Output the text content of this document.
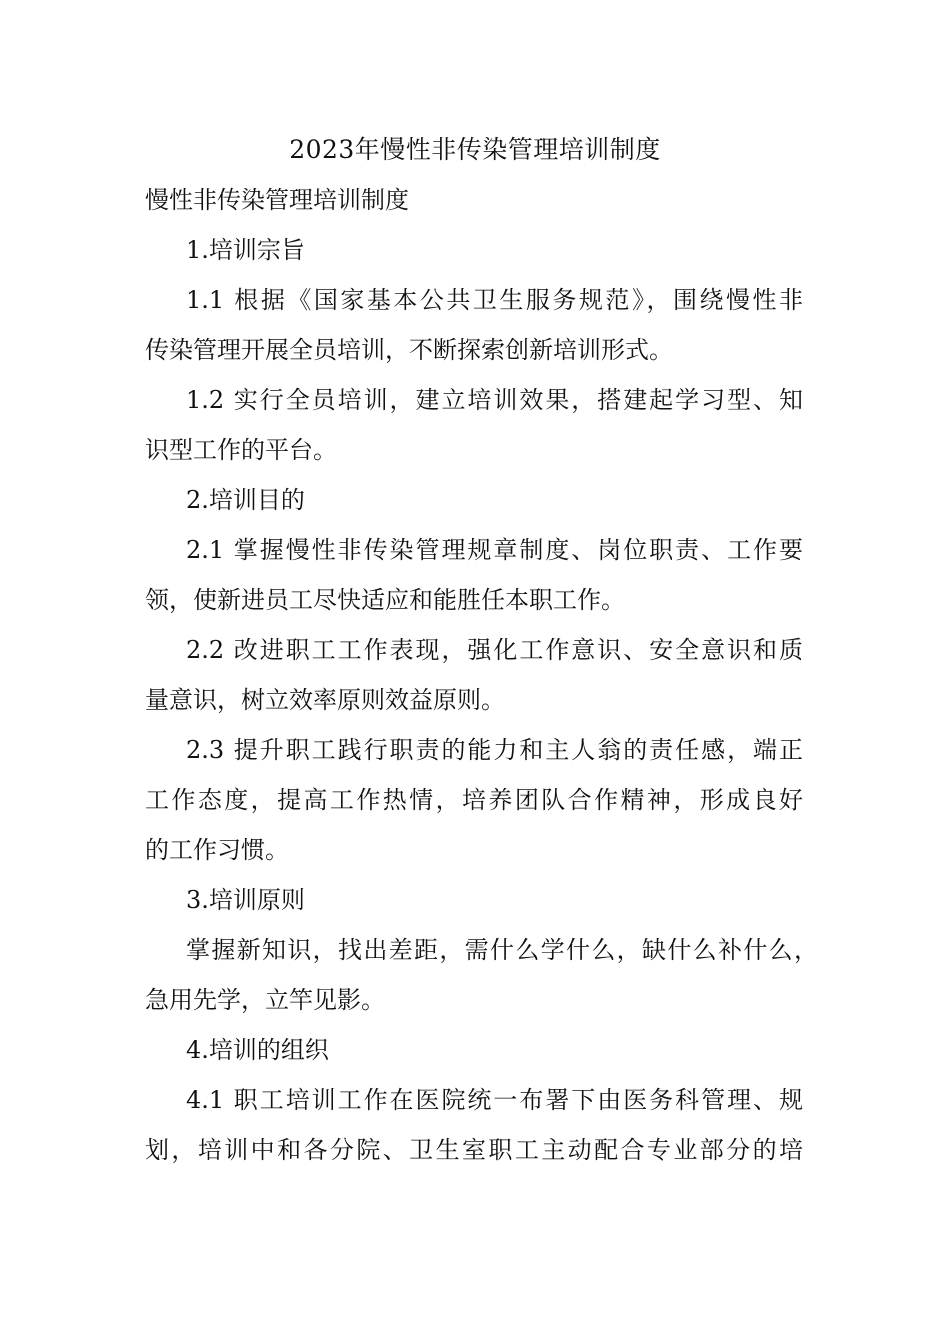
2023年慢性非传染管理培训制度
慢性非传染管理培训制度
1.培训宗旨
1.1 根据《国家基本公共卫生服务规范》，围绕慢性非
传染管理开展全员培训，不断探索创新培训形式。
1.2 实行全员培训，建立培训效果，搭建起学习型、知
识型工作的平台。
2.培训目的
2.1 掌握慢性非传染管理规章制度、岗位职责、工作要
领，使新进员工尽快适应和能胜任本职工作。
2.2 改进职工工作表现，强化工作意识、安全意识和质
量意识，树立效率原则效益原则。
2.3 提升职工践行职责的能力和主人翁的责任感，端正
工作态度，提高工作热情，培养团队合作精神，形成良好
的工作习惯。
3.培训原则
掌握新知识，找出差距，需什么学什么，缺什么补什么，
急用先学，立竿见影。
4.培训的组织
4.1 职工培训工作在医院统一布署下由医务科管理、规
划，培训中和各分院、卫生室职工主动配合专业部分的培
